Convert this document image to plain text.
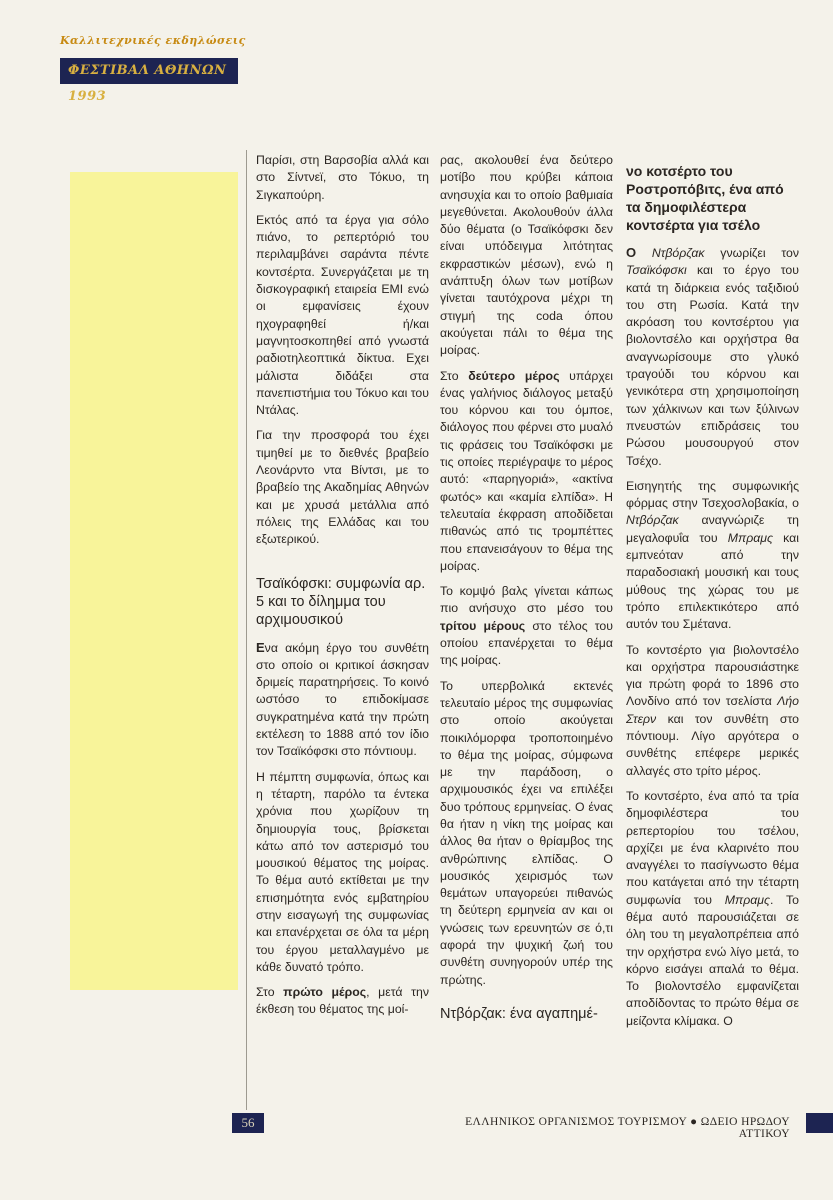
Καλλιτεχνικές εκδηλώσεις
ΦΕΣΤΙΒΑΛ ΑΘΗΝΩΝ 1993

Παρίσι, στη Βαρσοβία αλλά και στο Σίντνεϊ, στο Τόκυο, τη Σιγκαπούρη.

Εκτός από τα έργα για σόλο πιάνο, το ρεπερτόριό του περιλαμβάνει σαράντα πέντε κοντσέρτα. Συνεργάζεται με τη δισκογραφική εταιρεία EMI ενώ οι εμφανίσεις έχουν ηχογραφηθεί ή/και μαγνητοσκοπηθεί από γνωστά ραδιοτηλεοπτικά δίκτυα. Εχει μάλιστα διδάξει στα πανεπιστήμια του Τόκυο και του Ντάλας.

Για την προσφορά του έχει τιμηθεί με το διεθνές βραβείο Λεονάρντο ντα Βίντσι, με το βραβείο της Ακαδημίας Αθηνών και με χρυσά μετάλλια από πόλεις της Ελλάδας και του εξωτερικού.

Τσαϊκόφσκι: συμφωνία αρ. 5 και το δίλημμα του αρχιμουσικού

Ενα ακόμη έργο του συνθέτη στο οποίο οι κριτικοί άσκησαν δριμείς παρατηρήσεις. Το κοινό ωστόσο το επιδοκίμασε συγκρατημένα κατά την πρώτη εκτέλεση το 1888 από τον ίδιο τον Τσαϊκόφσκι στο πόντιουμ.

Η πέμπτη συμφωνία, όπως και η τέταρτη, παρόλο τα έντεκα χρόνια που χωρίζουν τη δημιουργία τους, βρίσκεται κάτω από τον αστερισμό του μουσικού θέματος της μοίρας. Το θέμα αυτό εκτίθεται με την επισημότητα ενός εμβατηρίου στην εισαγωγή της συμφωνίας και επανέρχεται σε όλα τα μέρη του έργου μεταλλαγμένο με κάθε δυνατό τρόπο.

Στο πρώτο μέρος, μετά την έκθεση του θέματος της μοί-

ρας, ακολουθεί ένα δεύτερο μοτίβο που κρύβει κάποια ανησυχία και το οποίο βαθμιαία μεγεθύνεται. Ακολουθούν άλλα δύο θέματα (ο Τσαϊκόφσκι δεν είναι υπόδειγμα λιτότητας εκφραστικών μέσων), ενώ η ανάπτυξη όλων των μοτίβων γίνεται ταυτόχρονα μέχρι τη στιγμή της coda όπου ακούγεται πάλι το θέμα της μοίρας.

Στο δεύτερο μέρος υπάρχει ένας γαλήνιος διάλογος μεταξύ του κόρνου και του όμποε, διάλογος που φέρνει στο μυαλό τις φράσεις του Τσαϊκόφσκι με τις οποίες περιέγραψε το μέρος αυτό: «παρηγοριά», «ακτίνα φωτός» και «καμία ελπίδα». Η τελευταία έκφραση αποδίδεται πιθανώς από τις τρομπέττες που επανεισάγουν το θέμα της μοίρας.

Το κομψό βαλς γίνεται κάπως πιο ανήσυχο στο μέσο του τρίτου μέρους στο τέλος του οποίου επανέρχεται το θέμα της μοίρας.

Το υπερβολικά εκτενές τελευταίο μέρος της συμφωνίας στο οποίο ακούγεται ποικιλόμορφα τροποποιημένο το θέμα της μοίρας, σύμφωνα με την παράδοση, ο αρχιμουσικός έχει να επιλέξει δυο τρόπους ερμηνείας. Ο ένας θα ήταν η νίκη της μοίρας και άλλος θα ήταν ο θρίαμβος της ανθρώπινης ελπίδας. Ο μουσικός χειρισμός των θεμάτων υπαγορεύει πιθανώς τη δεύτερη ερμηνεία αν και οι γνώσεις των ερευνητών σε ό,τι αφορά την ψυχική ζωή του συνθέτη συνηγορούν υπέρ της πρώτης.

Ντβόρζακ: ένα αγαπημέ-
νο κοτσέρτο του Ροστροπόβιτς, ένα από τα δημοφιλέστερα κοντσέρτα για τσέλο

Ο Ντβόρζακ γνωρίζει τον Τσαϊκόφσκι και το έργο του κατά τη διάρκεια ενός ταξιδιού του στη Ρωσία. Κατά την ακρόαση του κοντσέρτου για βιολοντσέλο και ορχήστρα θα αναγνωρίσουμε στο γλυκό τραγούδι του κόρνου και γενικότερα στη χρησιμοποίηση των χάλκινων και των ξύλινων πνευστών επιδράσεις του Ρώσου μουσουργού στον Τσέχο.

Εισηγητής της συμφωνικής φόρμας στην Τσεχοσλοβακία, ο Ντβόρζακ αναγνώριζε τη μεγαλοφυΐα του Μπραμς και εμπνεόταν από την παραδοσιακή μουσική και τους μύθους της χώρας του με τρόπο επιλεκτικότερο από αυτόν του Σμέτανα.

Το κοντσέρτο για βιολοντσέλο και ορχήστρα παρουσιάστηκε για πρώτη φορά το 1896 στο Λονδίνο από τον τσελίστα Λήο Στερν και τον συνθέτη στο πόντιουμ. Λίγο αργότερα ο συνθέτης επέφερε μερικές αλλαγές στο τρίτο μέρος.

Το κοντσέρτο, ένα από τα τρία δημοφιλέστερα του ρεπερτορίου του τσέλου, αρχίζει με ένα κλαρινέτο που αναγγέλει το πασίγνωστο θέμα που κατάγεται από την τέταρτη συμφωνία του Μπραμς. Το θέμα αυτό παρουσιάζεται σε όλη του τη μεγαλοπρέπεια από την ορχήστρα ενώ λίγο μετά, το κόρνο εισάγει απαλά το θέμα. Το βιολοντσέλο εμφανίζεται αποδίδοντας το πρώτο θέμα σε μείζοντα κλίμακα. Ο

56	ΕΛΛΗΝΙΚΟΣ ΟΡΓΑΝΙΣΜΟΣ ΤΟΥΡΙΣΜΟΥ ● ΩΔΕΙΟ ΗΡΩΔΟΥ ΑΤΤΙΚΟΥ
